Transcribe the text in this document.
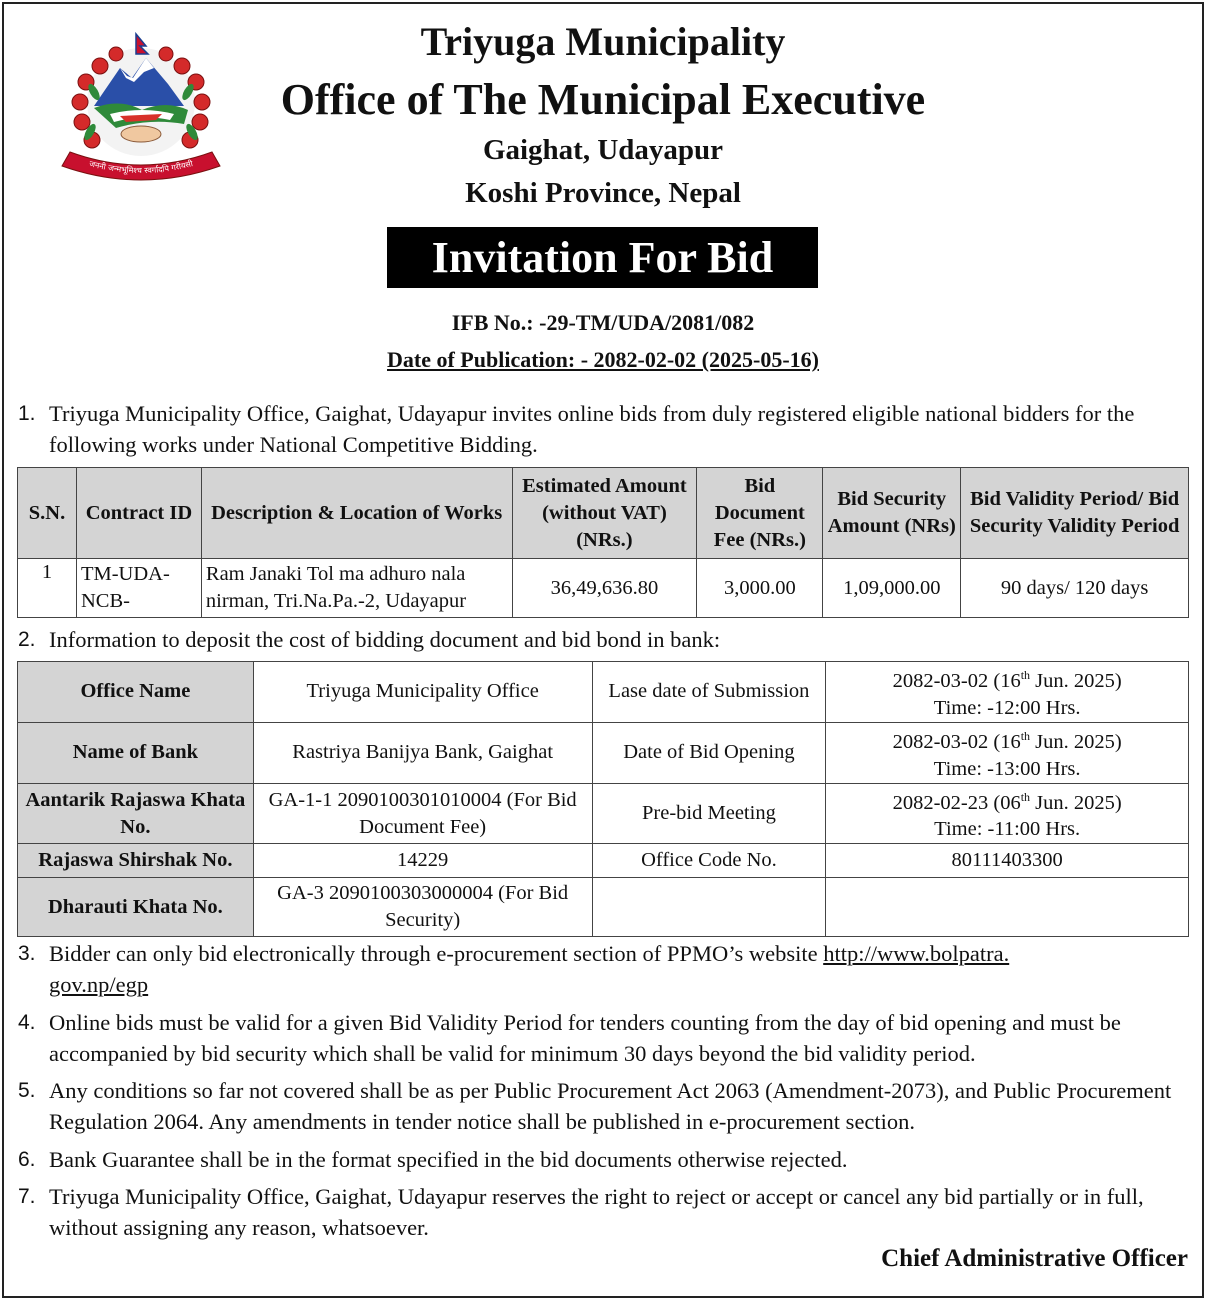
जननी जन्मभूमिश्च स्वर्गादपि गरीयसी
Triyuga Municipality
Office of The Municipal Executive
Gaighat, Udayapur
Koshi Province, Nepal
Invitation For Bid
IFB No.: -29-TM/UDA/2081/082
Date of Publication: - 2082-02-02 (2025-05-16)
1. Triyuga Municipality Office, Gaighat, Udayapur invites online bids from duly registered eligible national bidders for the following works under National Competitive Bidding.
S.N.	Contract ID	Description & Location of Works	Estimated Amount (without VAT) (NRs.)	Bid Document Fee (NRs.)	Bid Security Amount (NRs)	Bid Validity Period/ Bid Security Validity Period
1	TM-UDA-NCB-	Ram Janaki Tol ma adhuro nala nirman, Tri.Na.Pa.-2, Udayapur	36,49,636.80	3,000.00	1,09,000.00	90 days/ 120 days
2. Information to deposit the cost of bidding document and bid bond in bank:
Office Name	Triyuga Municipality Office	Lase date of Submission	2082-03-02 (16th Jun. 2025)
Time: -12:00 Hrs.
Name of Bank	Rastriya Banijya Bank, Gaighat	Date of Bid Opening	2082-03-02 (16th Jun. 2025)
Time: -13:00 Hrs.
Aantarik Rajaswa Khata No.	GA-1-1 2090100301010004 (For Bid Document Fee)	Pre-bid Meeting	2082-02-23 (06th Jun. 2025)
Time: -11:00 Hrs.
Rajaswa Shirshak No.	14229	Office Code No.	80111403300
Dharauti Khata No.	GA-3 2090100303000004 (For Bid Security)		
3. Bidder can only bid electronically through e-procurement section of PPMO’s website http://www.bolpatra.
gov.np/egp
4. Online bids must be valid for a given Bid Validity Period for tenders counting from the day of bid opening and must be accompanied by bid security which shall be valid for minimum 30 days beyond the bid validity period.
5. Any conditions so far not covered shall be as per Public Procurement Act 2063 (Amendment-2073), and Public Procurement Regulation 2064. Any amendments in tender notice shall be published in e-procurement section.
6. Bank Guarantee shall be in the format specified in the bid documents otherwise rejected.
7. Triyuga Municipality Office, Gaighat, Udayapur reserves the right to reject or accept or cancel any bid partially or in full, without assigning any reason, whatsoever.
Chief Administrative Officer
